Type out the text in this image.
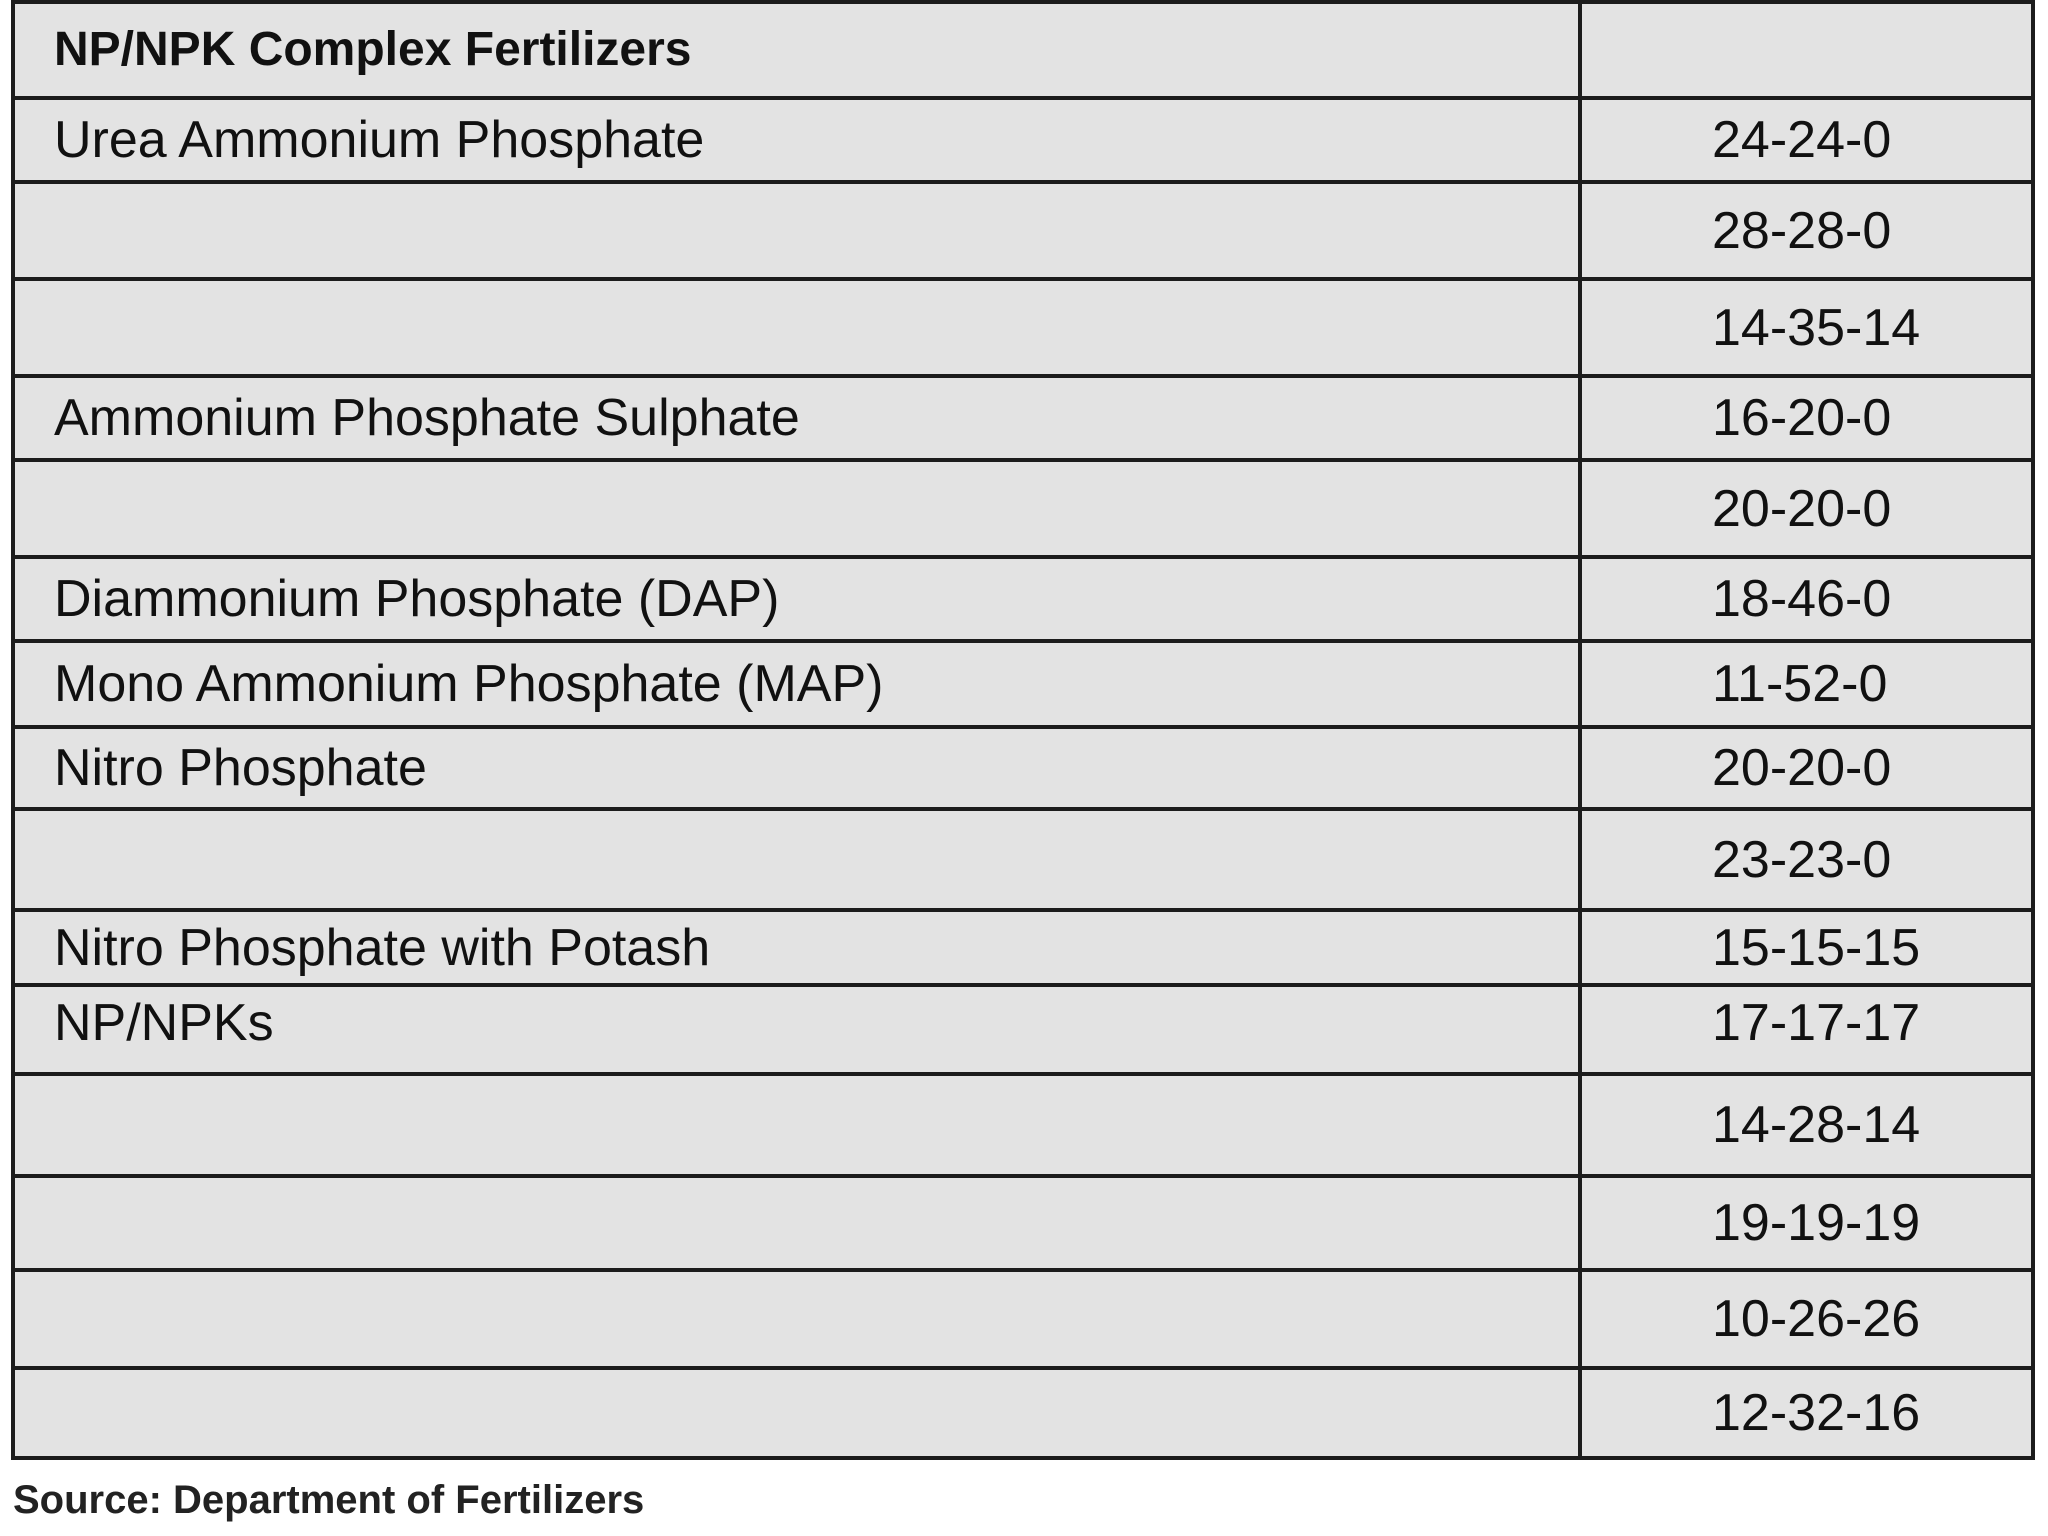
NP/NPK Complex Fertilizers	
Urea Ammonium Phosphate	24-24-0
	28-28-0
	14-35-14
Ammonium Phosphate Sulphate	16-20-0
	20-20-0
Diammonium Phosphate (DAP)	18-46-0
Mono Ammonium Phosphate (MAP)	11-52-0
Nitro Phosphate	20-20-0
	23-23-0
Nitro Phosphate with Potash	15-15-15
NP/NPKs	17-17-17
	14-28-14
	19-19-19
	10-26-26
	12-32-16
Source: Department of Fertilizers
